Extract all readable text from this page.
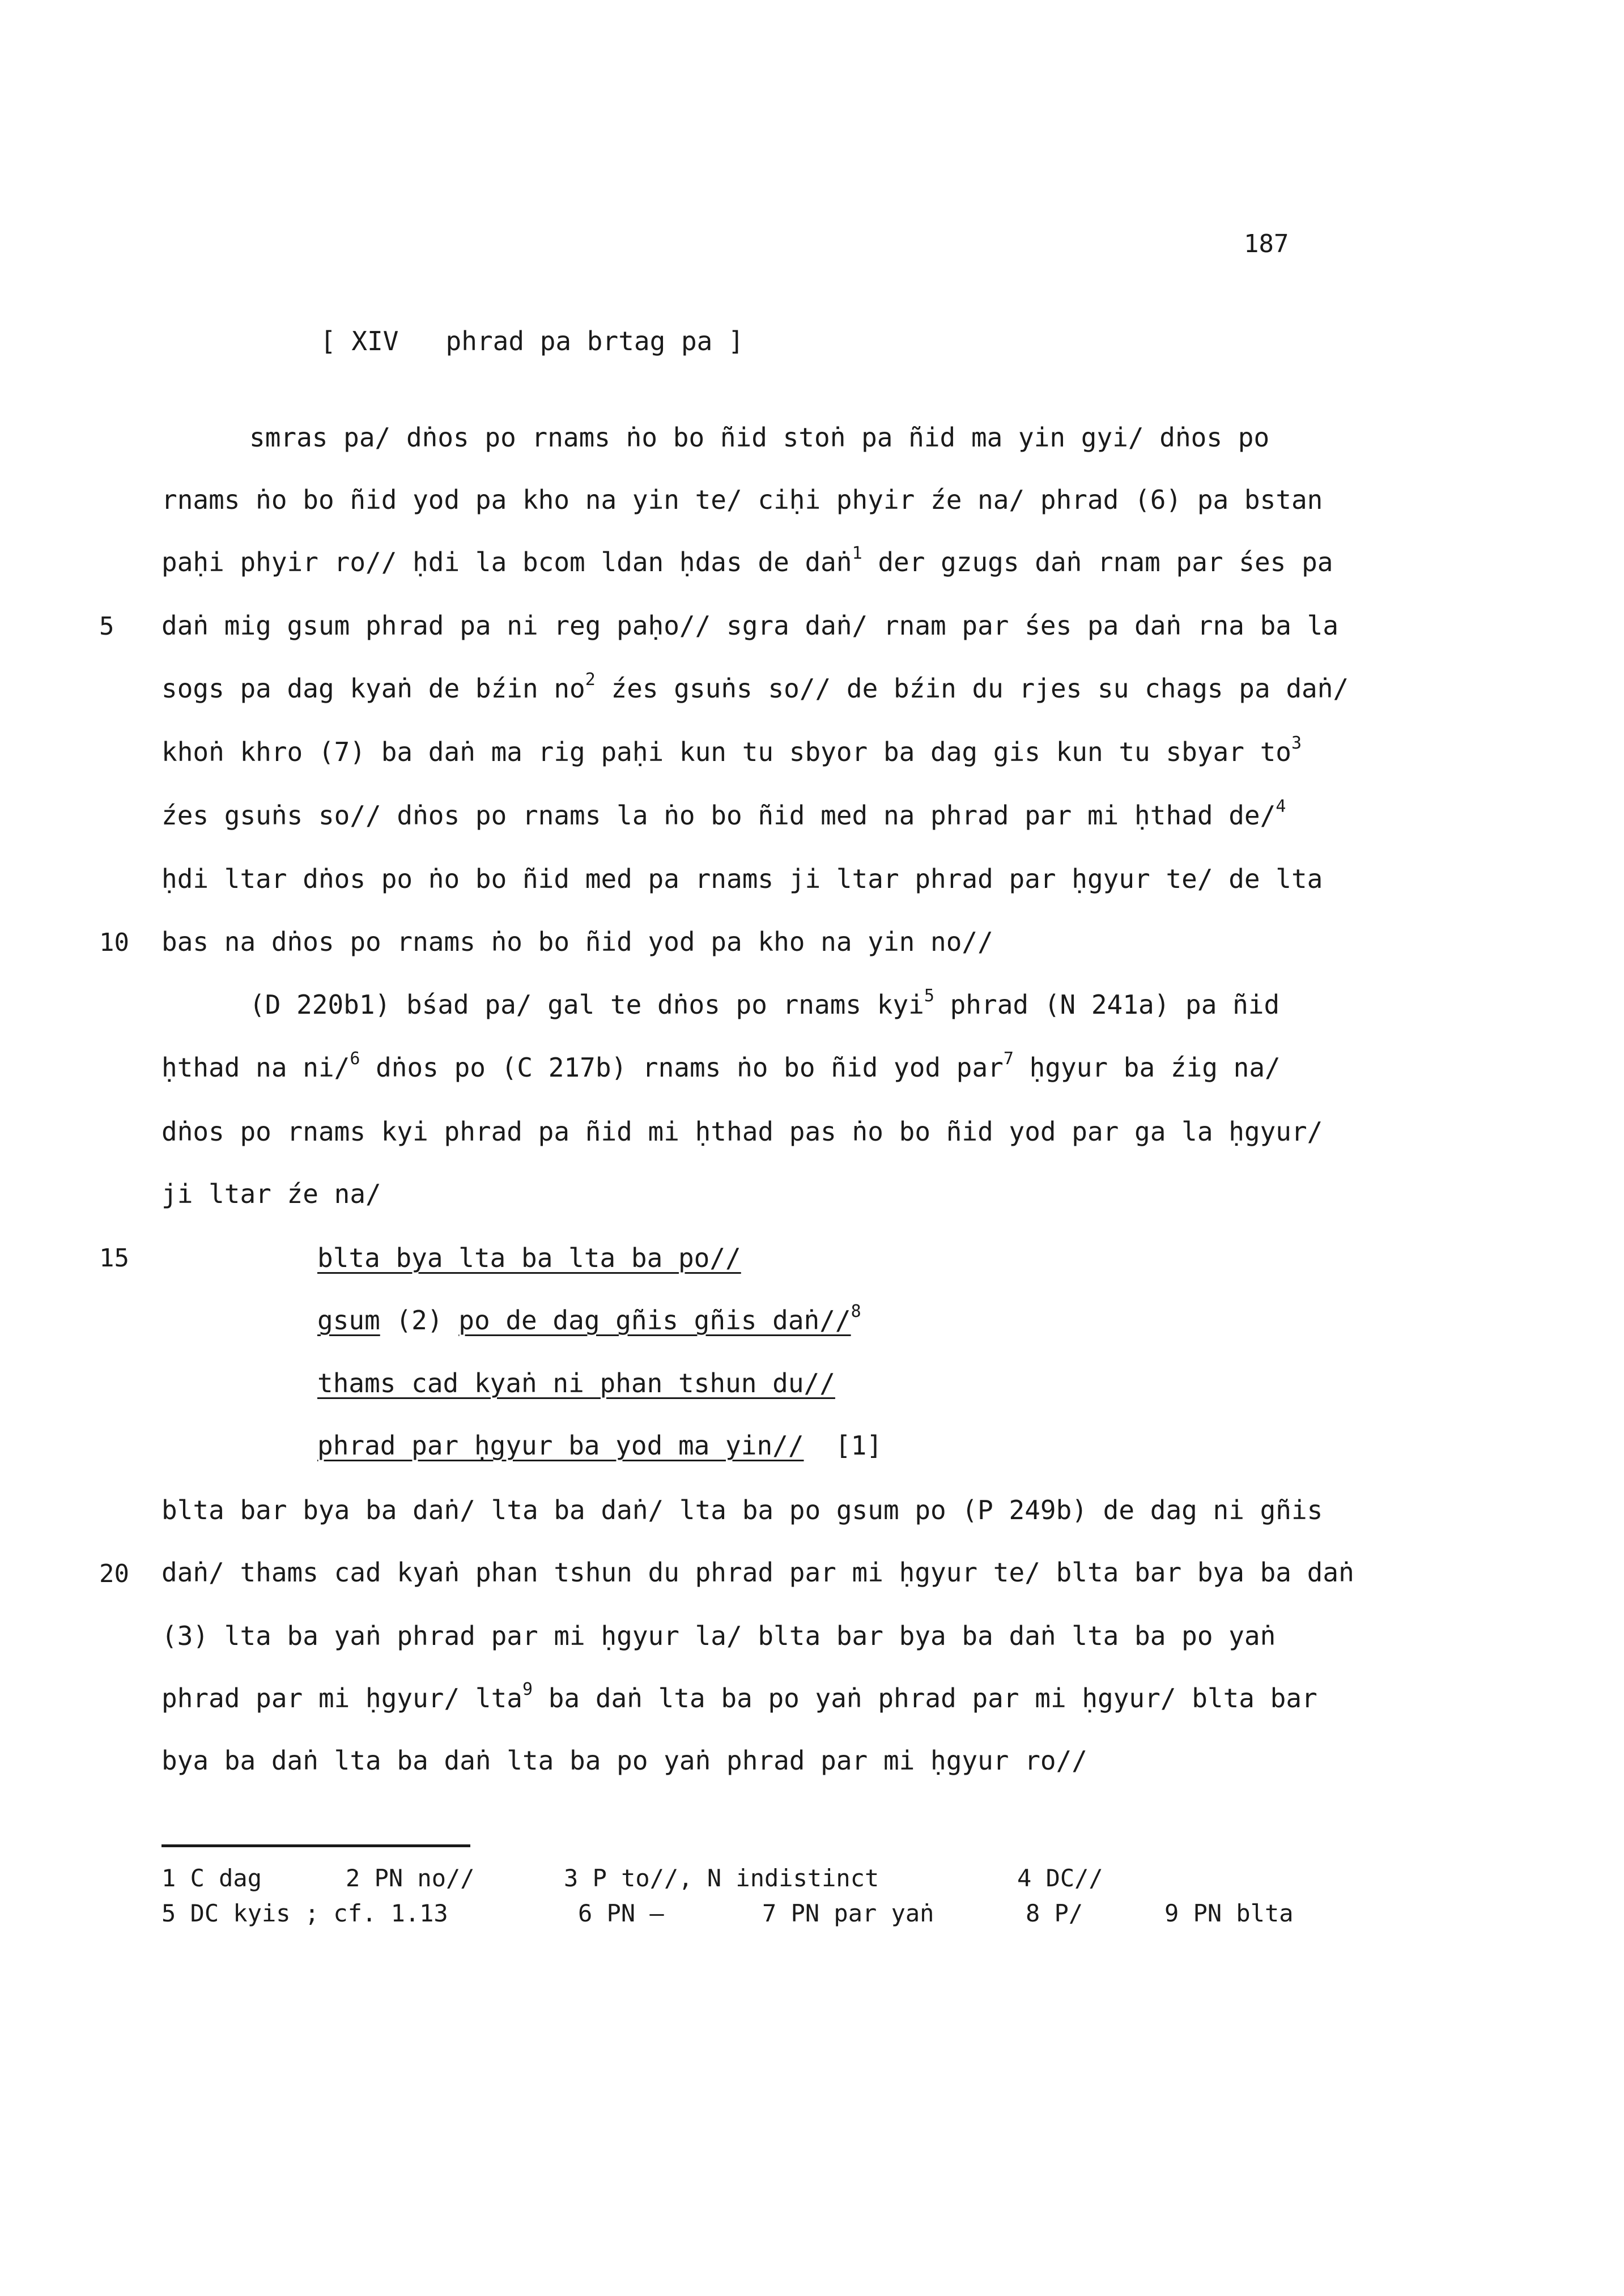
187
[ XIV   phrad pa brtag pa ]
smras pa/ dṅos po rnams ṅo bo ñid stoṅ pa ñid ma yin gyi/ dṅos po
rnams ṅo bo ñid yod pa kho na yin te/ ciḥi phyir źe na/ phrad (6) pa bstan
paḥi phyir ro// ḥdi la bcom ldan ḥdas de daṅ$^1$ der gzugs daṅ rnam par śes pa
5 daṅ mig gsum phrad pa ni reg paḥo// sgra daṅ/ rnam par śes pa daṅ rna ba la
sogs pa dag kyaṅ de bźin $no^2$ źes gsuṅs so// de bźin du rjes su chags pa daṅ/
khoṅ khro (7) ba daṅ ma rig paḥi kun tu sbyor ba dag gis kun tu sbyar $to^3$
źes gsuṅs so// dṅos po rnams la ṅo bo ñid med na phrad par mi ḥthad de/$^4$
ḥdi ltar dṅos po ṅo bo ñid med pa rnams ji ltar phrad par ḥgyur te/ de lta
10 bas na dṅos po rnams ṅo bo ñid yod pa kho na yin no//
(D 220b1) bśad pa/ gal te dṅos po rnams kyi$^5$ phrad (N 241a) pa ñid
ḥthad na ni/$^6$ dṅos po (C 217b) rnams ṅo bo ñid yod par$^7$ ḥgyur ba źig na/
dṅos po rnams kyi phrad pa ñid mi ḥthad pas ṅo bo ñid yod par ga la ḥgyur/
ji ltar źe na/
15	blta bya lta ba lta ba po//
gsum (2) po de dag gñis gñis daṅ//$^8$
thams cad kyaṅ ni phan tshun du//
phrad par ḥgyur ba yod ma yin//  [1]
blta bar bya ba daṅ/ lta ba daṅ/ lta ba po gsum po (P 249b) de dag ni gñis
20 daṅ/ thams cad kyaṅ phan tshun du phrad par mi ḥgyur te/ blta bar bya ba daṅ
(3) lta ba yaṅ phrad par mi ḥgyur la/ blta bar bya ba daṅ lta ba po yaṅ
phrad par mi ḥgyur/ lta$^9$ ba daṅ lta ba po yaṅ phrad par mi ḥgyur/ blta bar
bya ba daṅ lta ba daṅ lta ba po yaṅ phrad par mi ḥgyur ro//
1 C dag	2 PN no//	3 P to//, N indistinct	4 DC//
5 DC kyis ; cf. 1.13	6 PN —	7 PN par yaṅ	8 P/	9 PN blta
